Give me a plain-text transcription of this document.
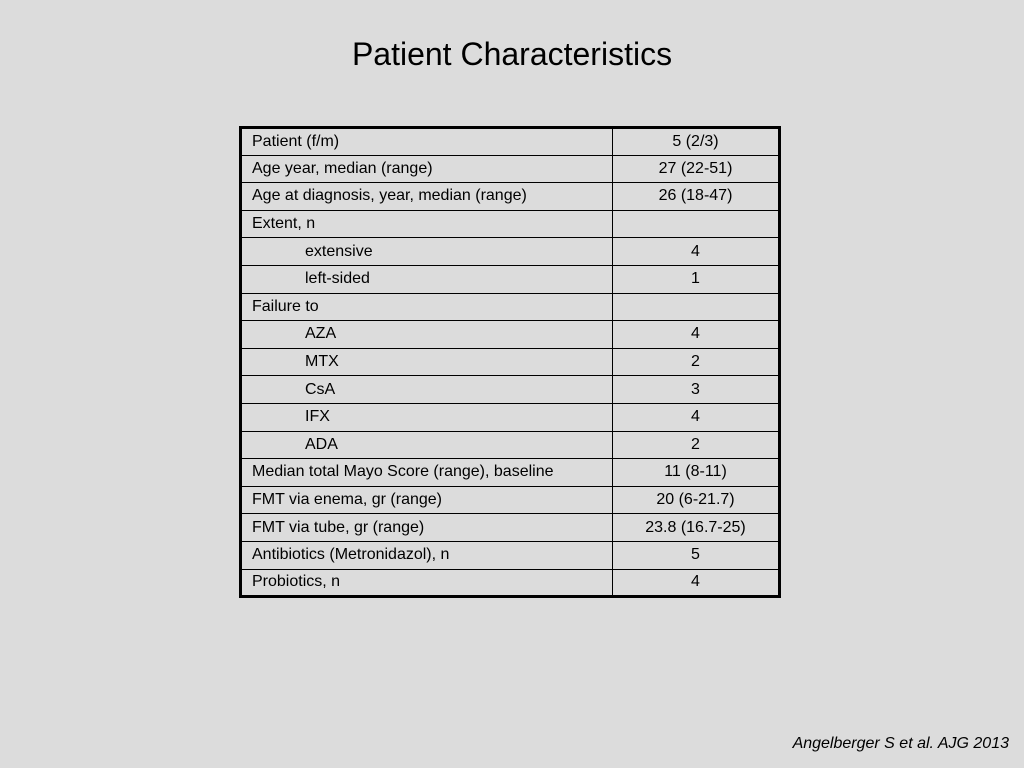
Patient Characteristics
Patient (f/m)	5 (2/3)
Age year, median (range)	27 (22-51)
Age at diagnosis, year, median (range)	26 (18-47)
Extent, n	
extensive	4
left-sided	1
Failure to	
AZA	4
MTX	2
CsA	3
IFX	4
ADA	2
Median total Mayo Score (range), baseline	11 (8-11)
FMT via enema, gr (range)	20 (6-21.7)
FMT via tube, gr (range)	23.8 (16.7-25)
Antibiotics (Metronidazol), n	5
Probiotics, n	4
Angelberger S et al. AJG 2013
